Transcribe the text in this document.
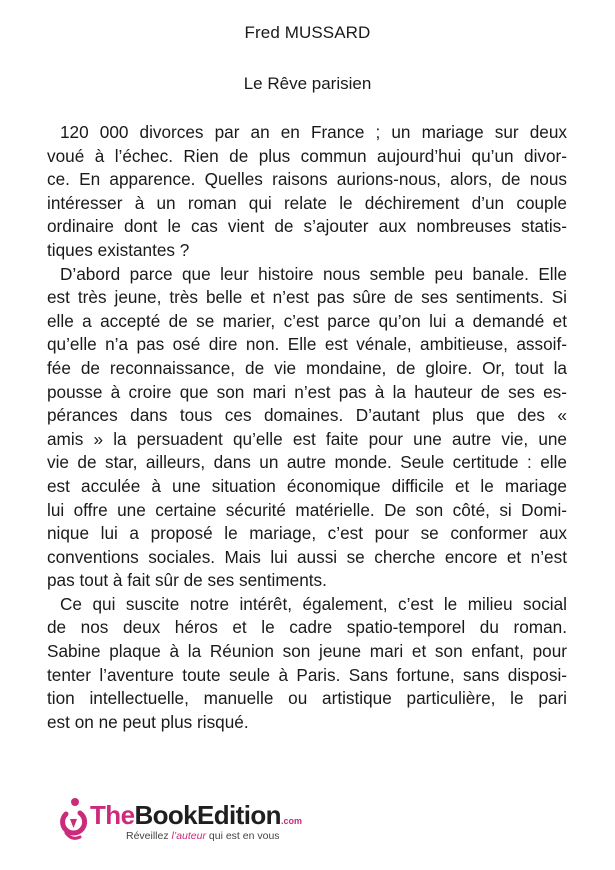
Fred MUSSARD
Le Rêve parisien
120 000 divorces par an en France ; un mariage sur deux
voué à l’échec. Rien de plus commun aujourd’hui qu’un divor-
ce. En apparence. Quelles raisons aurions-nous, alors, de nous
intéresser à un roman qui relate le déchirement d’un couple
ordinaire dont le cas vient de s’ajouter aux nombreuses statis-
tiques existantes ?
D’abord parce que leur histoire nous semble peu banale. Elle
est très jeune, très belle et n’est pas sûre de ses sentiments. Si
elle a accepté de se marier, c’est parce qu’on lui a demandé et
qu’elle n’a pas osé dire non. Elle est vénale, ambitieuse, assoif-
fée de reconnaissance, de vie mondaine, de gloire. Or, tout la
pousse à croire que son mari n’est pas à la hauteur de ses es-
pérances dans tous ces domaines. D’autant plus que des «
amis » la persuadent qu’elle est faite pour une autre vie, une
vie de star, ailleurs, dans un autre monde. Seule certitude : elle
est acculée à une situation économique difficile et le mariage
lui offre une certaine sécurité matérielle. De son côté, si Domi-
nique lui a proposé le mariage, c’est pour se conformer aux
conventions sociales. Mais lui aussi se cherche encore et n’est
pas tout à fait sûr de ses sentiments.
Ce qui suscite notre intérêt, également, c’est le milieu social
de nos deux héros et le cadre spatio-temporel du roman.
Sabine plaque à la Réunion son jeune mari et son enfant, pour
tenter l’aventure toute seule à Paris. Sans fortune, sans disposi-
tion intellectuelle, manuelle ou artistique particulière, le pari
est on ne peut plus risqué.
TheBookEdition.com
Réveillez l’auteur qui est en vous
